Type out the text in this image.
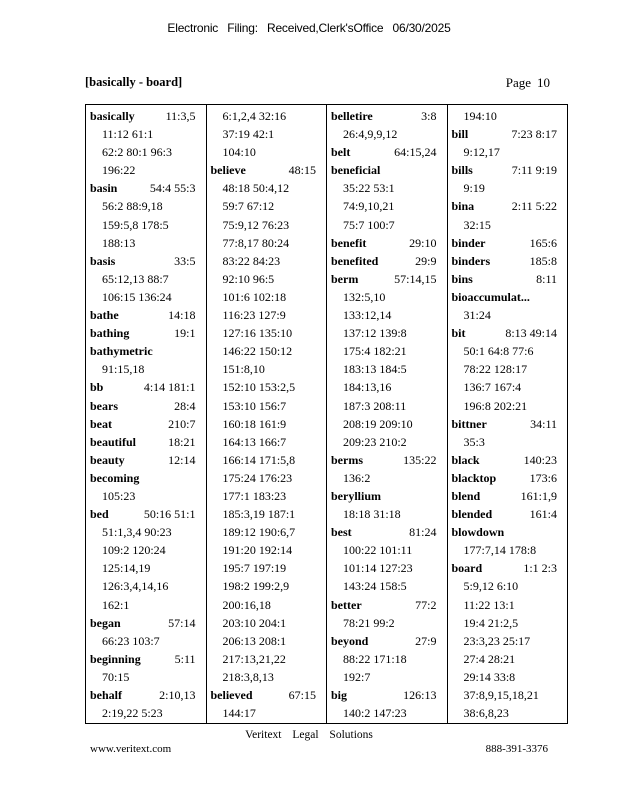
Electronic Filing: Received,Clerk'sOffice 06/30/2025
[basically - board]	Page 10
basically	11:3,5
11:12 61:1
62:2 80:1 96:3
196:22
basin	54:4 55:3
56:2 88:9,18
159:5,8 178:5
188:13
basis	33:5
65:12,13 88:7
106:15 136:24
bathe	14:18
bathing	19:1
bathymetric
91:15,18
bb	4:14 181:1
bears	28:4
beat	210:7
beautiful	18:21
beauty	12:14
becoming
105:23
bed	50:16 51:1
51:1,3,4 90:23
109:2 120:24
125:14,19
126:3,4,14,16
162:1
began	57:14
66:23 103:7
beginning	5:11
70:15
behalf	2:10,13
2:19,22 5:23
6:1,2,4 32:16
37:19 42:1
104:10
believe	48:15
48:18 50:4,12
59:7 67:12
75:9,12 76:23
77:8,17 80:24
83:22 84:23
92:10 96:5
101:6 102:18
116:23 127:9
127:16 135:10
146:22 150:12
151:8,10
152:10 153:2,5
153:10 156:7
160:18 161:9
164:13 166:7
166:14 171:5,8
175:24 176:23
177:1 183:23
185:3,19 187:1
189:12 190:6,7
191:20 192:14
195:7 197:19
198:2 199:2,9
200:16,18
203:10 204:1
206:13 208:1
217:13,21,22
218:3,8,13
believed	67:15
144:17
belletire	3:8
26:4,9,9,12
belt	64:15,24
beneficial
35:22 53:1
74:9,10,21
75:7 100:7
benefit	29:10
benefited	29:9
berm	57:14,15
132:5,10
133:12,14
137:12 139:8
175:4 182:21
183:13 184:5
184:13,16
187:3 208:11
208:19 209:10
209:23 210:2
berms	135:22
136:2
beryllium
18:18 31:18
best	81:24
100:22 101:11
101:14 127:23
143:24 158:5
better	77:2
78:21 99:2
beyond	27:9
88:22 171:18
192:7
big	126:13
140:2 147:23
194:10
bill	7:23 8:17
9:12,17
bills	7:11 9:19
9:19
bina	2:11 5:22
32:15
binder	165:6
binders	185:8
bins	8:11
bioaccumulat...
31:24
bit	8:13 49:14
50:1 64:8 77:6
78:22 128:17
136:7 167:4
196:8 202:21
bittner	34:11
35:3
black	140:23
blacktop	173:6
blend	161:1,9
blended	161:4
blowdown
177:7,14 178:8
board	1:1 2:3
5:9,12 6:10
11:22 13:1
19:4 21:2,5
23:3,23 25:17
27:4 28:21
29:14 33:8
37:8,9,15,18,21
38:6,8,23
Veritext Legal Solutions
www.veritext.com	888-391-3376
